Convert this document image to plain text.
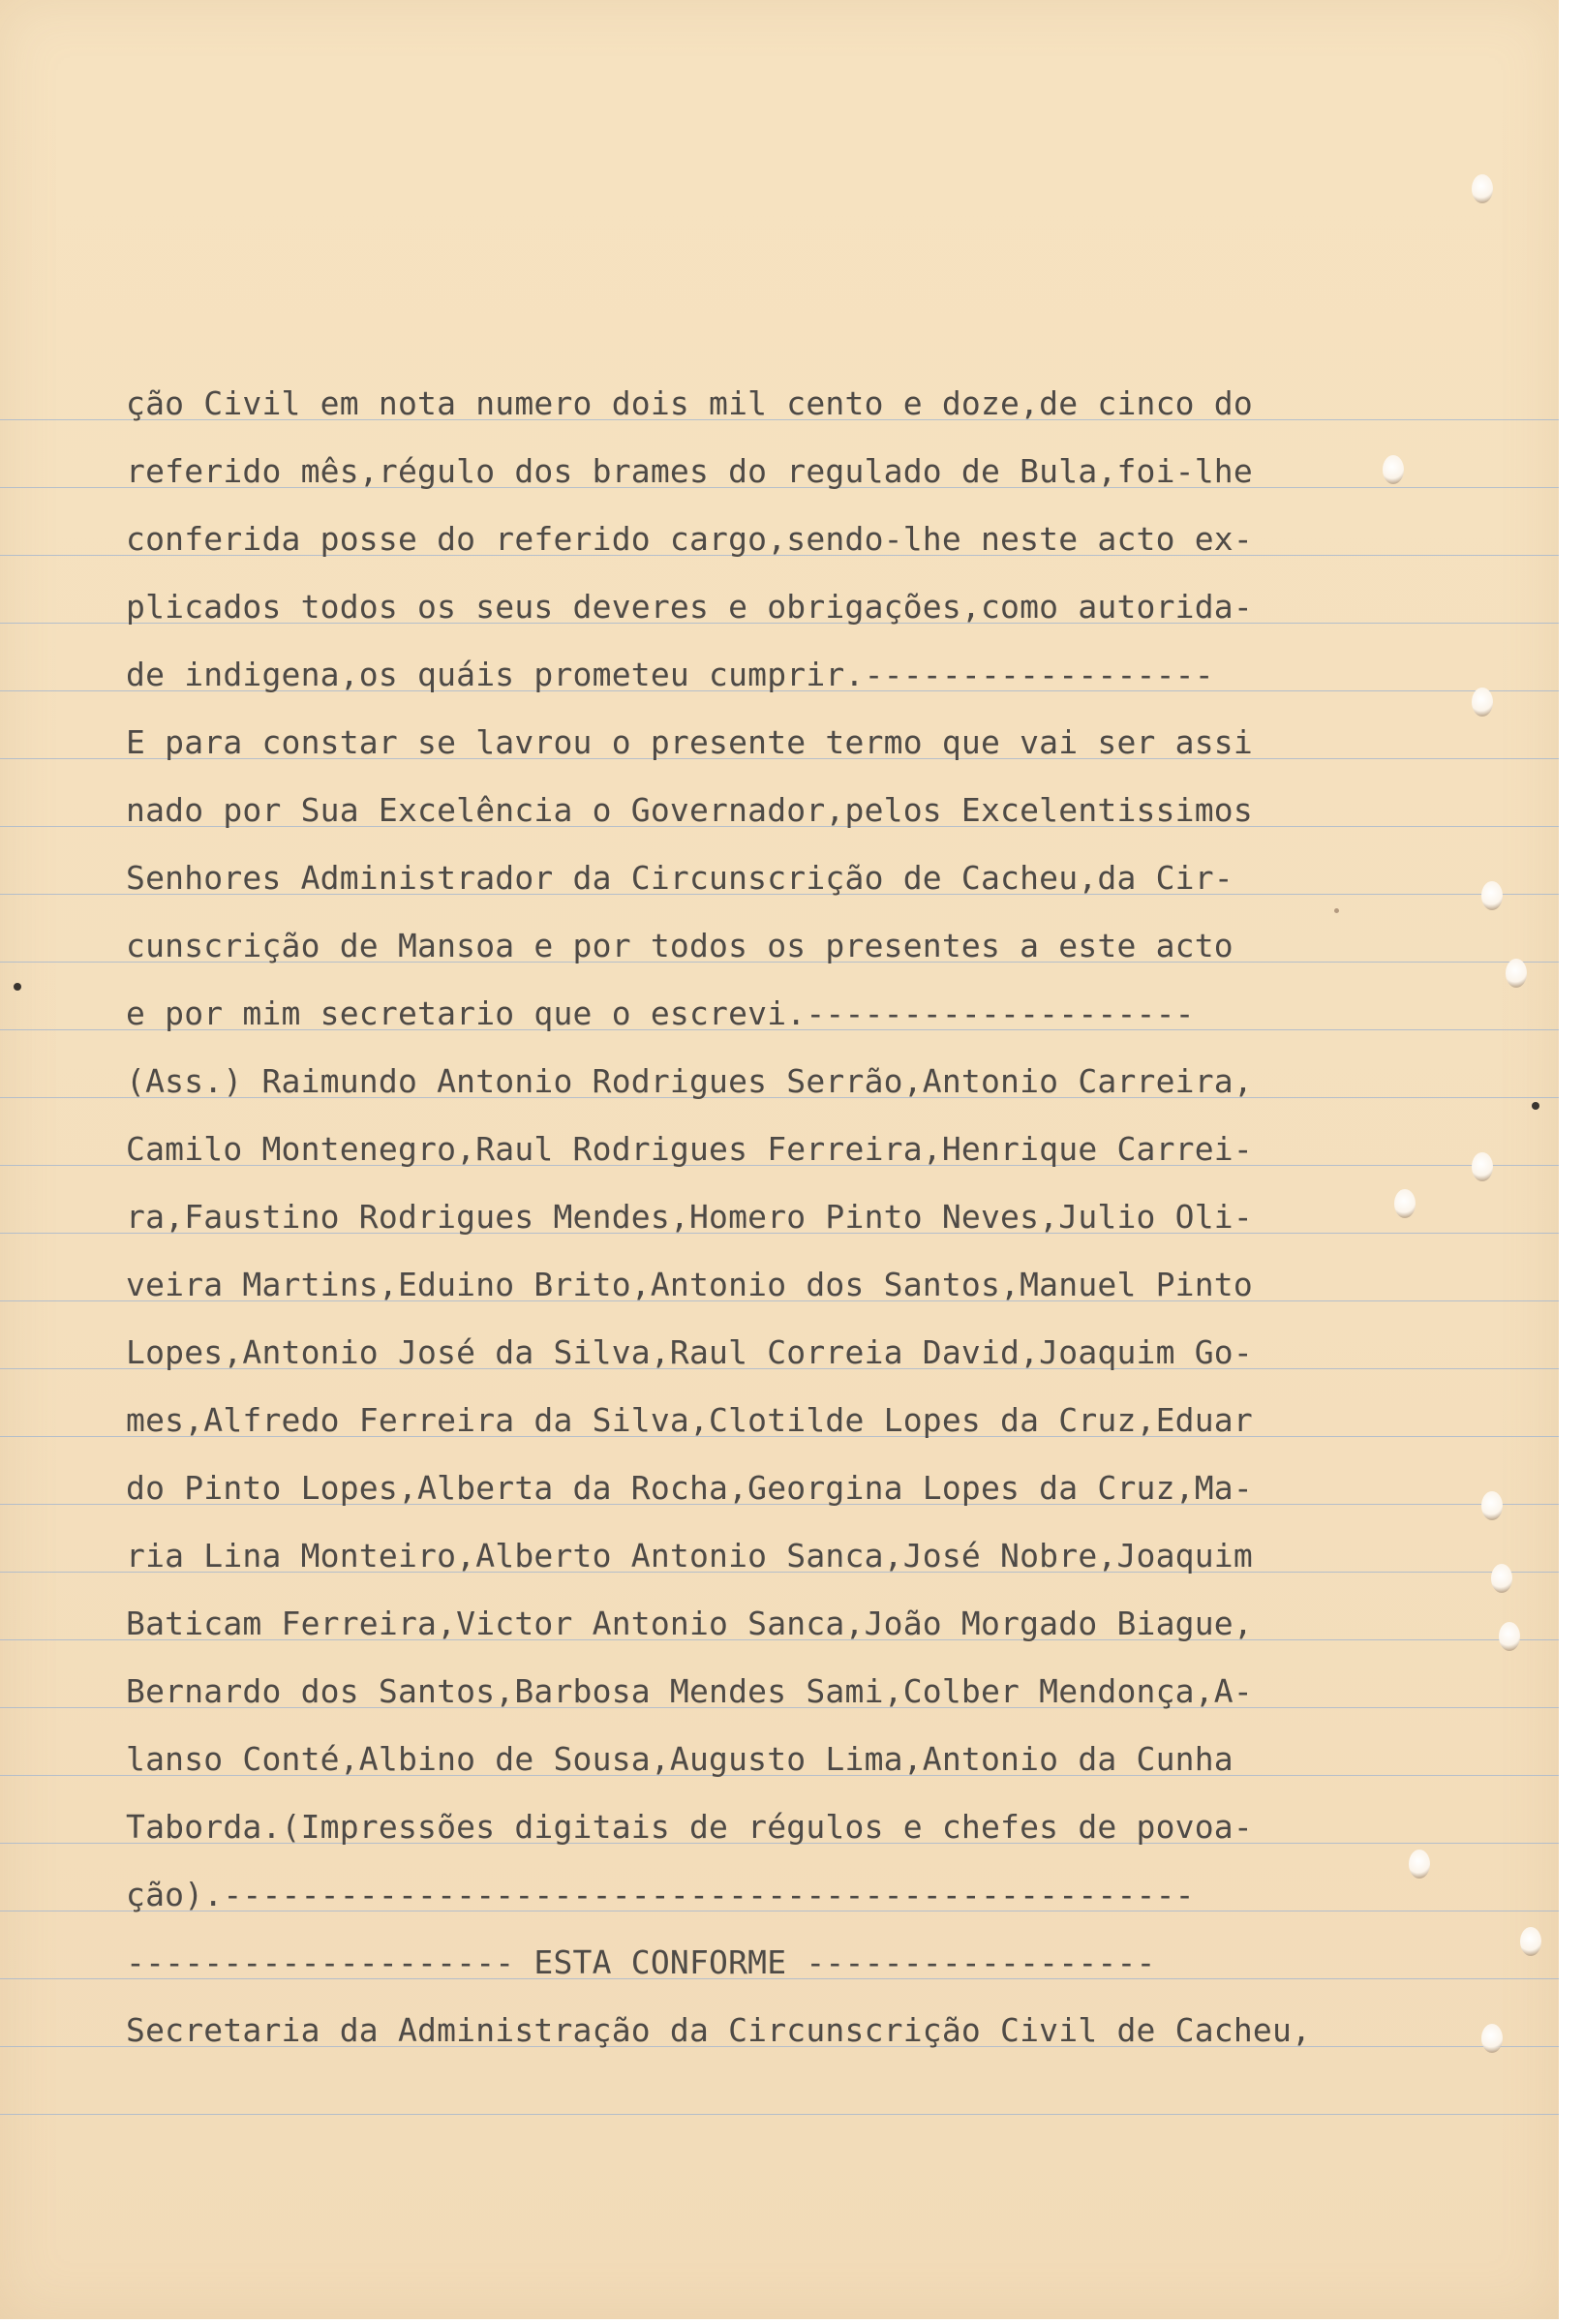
ção Civil em nota numero dois mil cento e doze,de cinco do
referido mês,régulo dos brames do regulado de Bula,foi-lhe
conferida posse do referido cargo,sendo-lhe neste acto ex-
plicados todos os seus deveres e obrigações,como autorida-
de indigena,os quáis prometeu cumprir.------------------
E para constar se lavrou o presente termo que vai ser assi
nado por Sua Excelência o Governador,pelos Excelentissimos
Senhores Administrador da Circunscrição de Cacheu,da Cir-
cunscrição de Mansoa e por todos os presentes a este acto
e por mim secretario que o escrevi.--------------------
(Ass.) Raimundo Antonio Rodrigues Serrão,Antonio Carreira,
Camilo Montenegro,Raul Rodrigues Ferreira,Henrique Carrei-
ra,Faustino Rodrigues Mendes,Homero Pinto Neves,Julio Oli-
veira Martins,Eduino Brito,Antonio dos Santos,Manuel Pinto
Lopes,Antonio José da Silva,Raul Correia David,Joaquim Go-
mes,Alfredo Ferreira da Silva,Clotilde Lopes da Cruz,Eduar
do Pinto Lopes,Alberta da Rocha,Georgina Lopes da Cruz,Ma-
ria Lina Monteiro,Alberto Antonio Sanca,José Nobre,Joaquim
Baticam Ferreira,Victor Antonio Sanca,João Morgado Biague,
Bernardo dos Santos,Barbosa Mendes Sami,Colber Mendonça,A-
lanso Conté,Albino de Sousa,Augusto Lima,Antonio da Cunha
Taborda.(Impressões digitais de régulos e chefes de povoa-
ção).--------------------------------------------------
-------------------- ESTA CONFORME ------------------
Secretaria da Administração da Circunscrição Civil de Cacheu,
